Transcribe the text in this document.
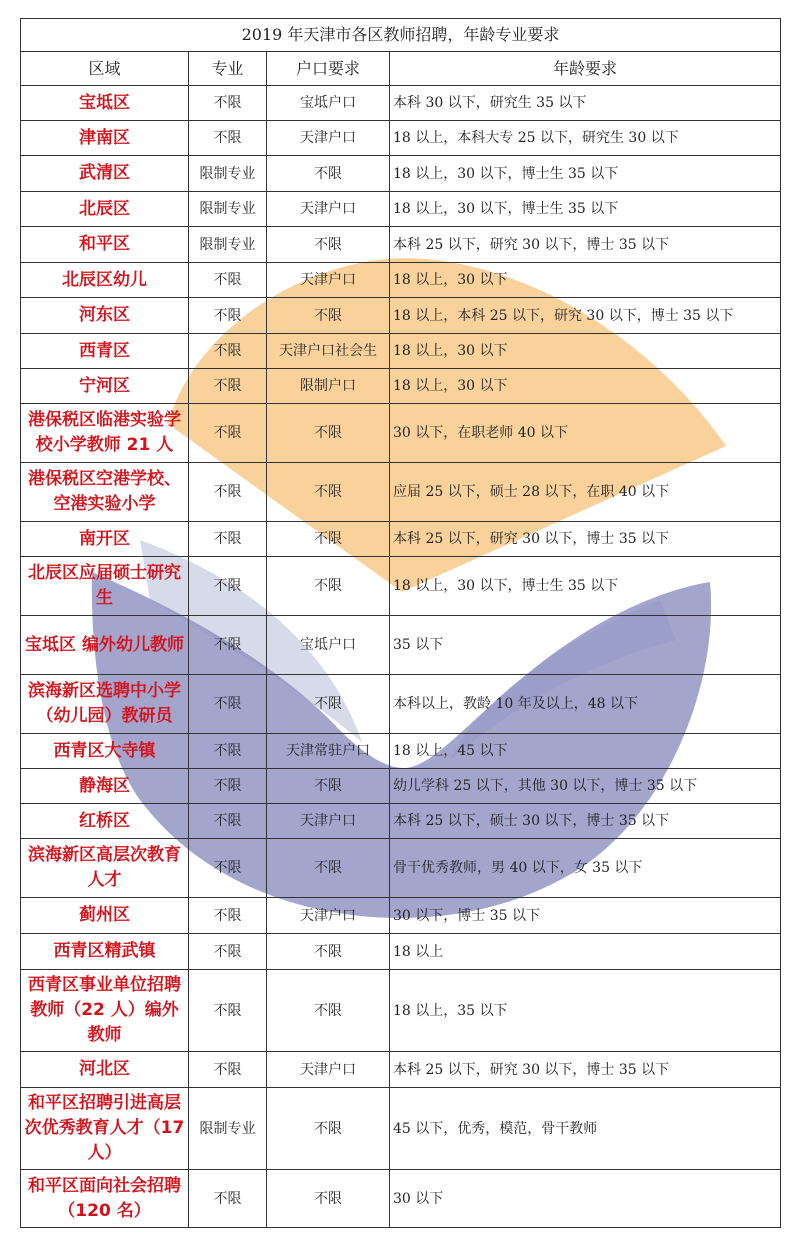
2019 年天津市各区教师招聘，年龄专业要求			
区域	专业	户口要求	年龄要求
宝坻区	不限	宝坻户口	本科 30 以下，研究生 35 以下
津南区	不限	天津户口	18 以上，本科大专 25 以下，研究生 30 以下
武清区	限制专业	不限	18 以上，30 以下，博士生 35 以下
北辰区	限制专业	天津户口	18 以上，30 以下，博士生 35 以下
和平区	限制专业	不限	本科 25 以下，研究 30 以下，博士 35 以下
北辰区幼儿	不限	天津户口	18 以上，30 以下
河东区	不限	不限	18 以上，本科 25 以下，研究 30 以下，博士 35 以下
西青区	不限	天津户口社会生	18 以上，30 以下
宁河区	不限	限制户口	18 以上，30 以下
港保税区临港实验学校小学教师 21 人	不限	不限	30 以下，在职老师 40 以下
港保税区空港学校、空港实验小学	不限	不限	应届 25 以下，硕士 28 以下，在职 40 以下
南开区	不限	不限	本科 25 以下，研究 30 以下，博士 35 以下
北辰区应届硕士研究生	不限	不限	18 以上，30 以下，博士生 35 以下
宝坻区 编外幼儿教师	不限	宝坻户口	35 以下
滨海新区选聘中小学（幼儿园）教研员	不限	不限	本科以上，教龄 10 年及以上，48 以下
西青区大寺镇	不限	天津常驻户口	18 以上，45 以下
静海区	不限	不限	幼儿学科 25 以下，其他 30 以下，博士 35 以下
红桥区	不限	天津户口	本科 25 以下，硕士 30 以下，博士 35 以下
滨海新区高层次教育人才	不限	不限	骨干优秀教师，男 40 以下，女 35 以下
蓟州区	不限	天津户口	30 以下，博士 35 以下
西青区精武镇	不限	不限	18 以上
西青区事业单位招聘教师（22 人）编外教师	不限	不限	18 以上，35 以下
河北区	不限	天津户口	本科 25 以下，研究 30 以下，博士 35 以下
和平区招聘引进高层次优秀教育人才（17 人）	限制专业	不限	45 以下，优秀，模范，骨干教师
和平区面向社会招聘 （120 名）	不限	不限	30 以下
